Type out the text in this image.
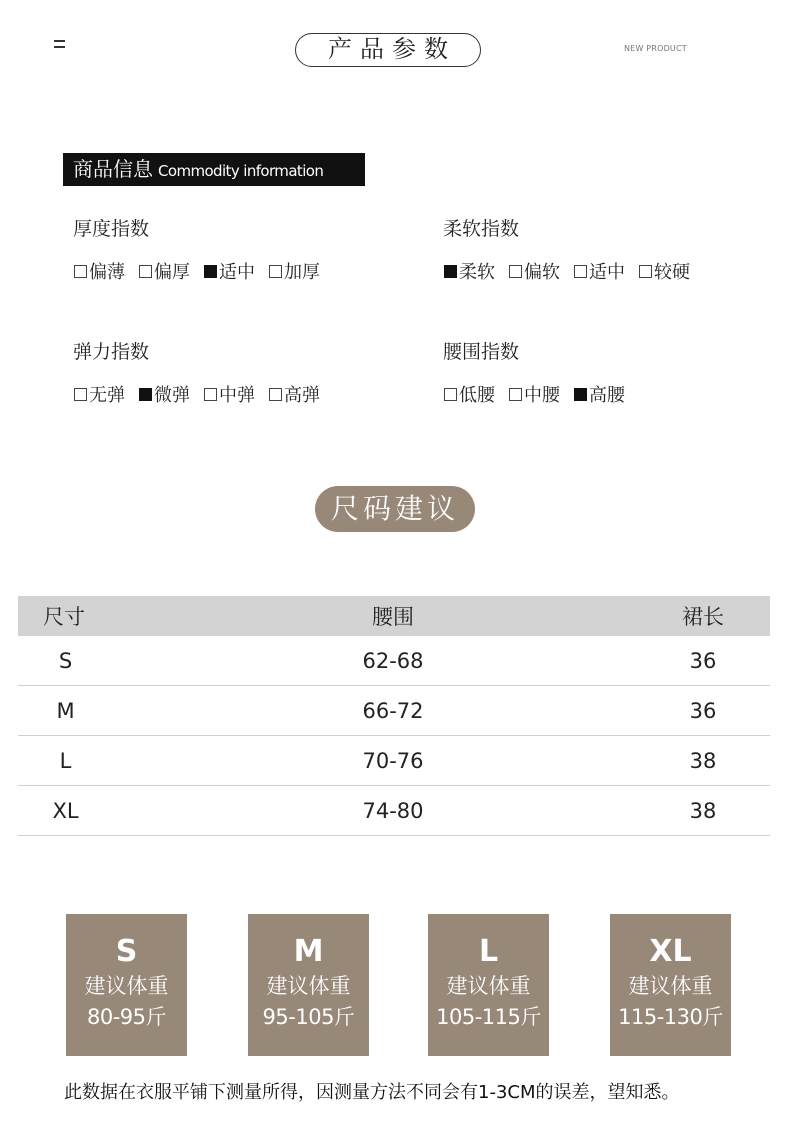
产品参数	NEW PRODUCT
商品信息 Commodity information
厚度指数
偏薄 偏厚 适中 加厚
柔软指数
柔软 偏软 适中 较硬
弹力指数
无弹 微弹 中弹 高弹
腰围指数
低腰 中腰 高腰
尺码建议
尺寸	腰围	裙长
S	62-68	36
M	66-72	36
L	70-76	38
XL	74-80	38
S
建议体重
80-95斤
M
建议体重
95-105斤
L
建议体重
105-115斤
XL
建议体重
115-130斤
此数据在衣服平铺下测量所得，因测量方法不同会有1-3CM的误差，望知悉。
